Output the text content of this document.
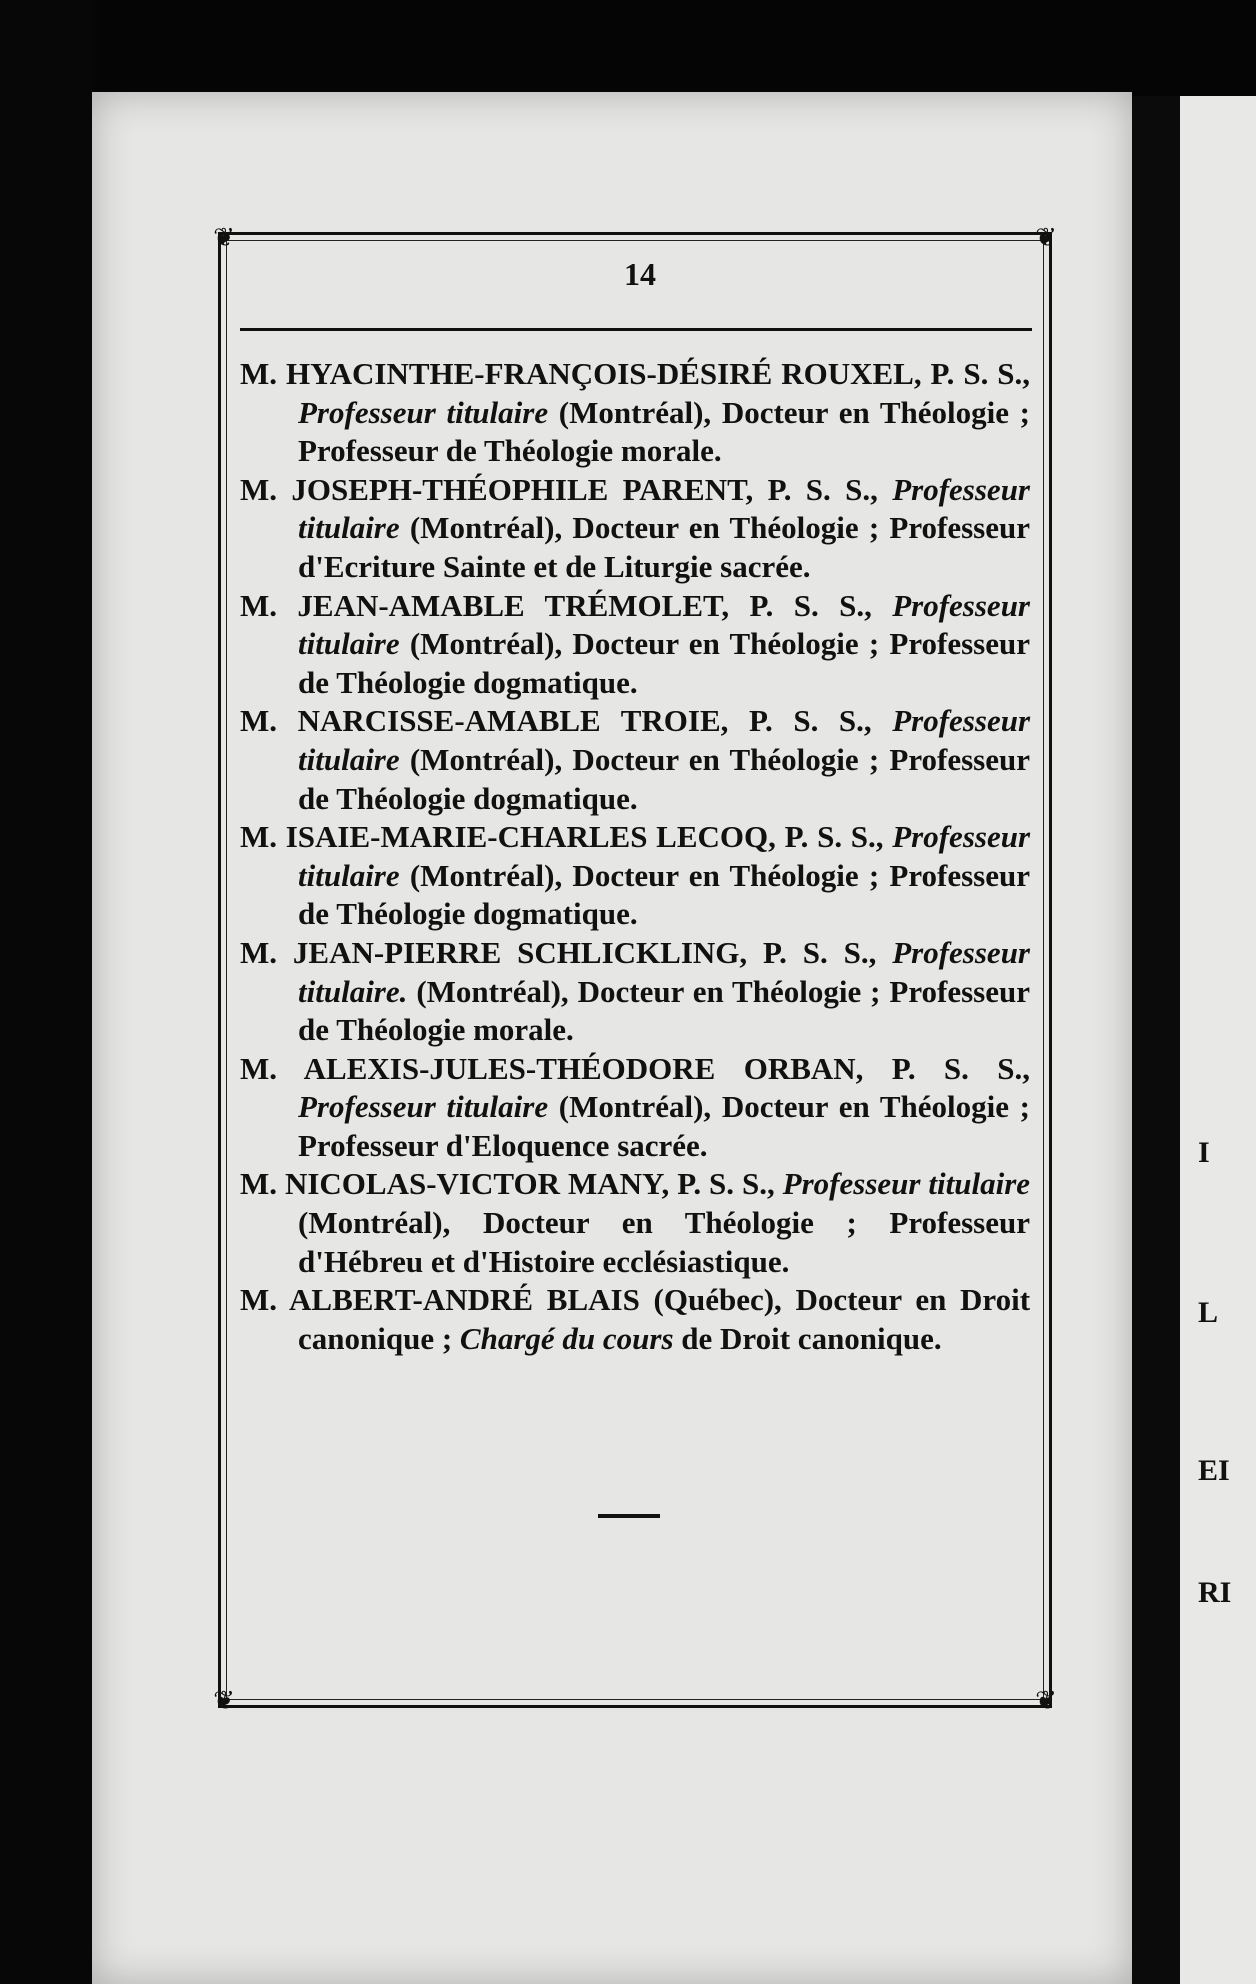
I
L
EI
RI
❦	❦
❦	❦
14

M. HYACINTHE-FRANÇOIS-DÉSIRÉ ROUXEL, P. S. S., Professeur titulaire (Montréal), Docteur en Théologie ; Professeur de Théologie morale.

M. JOSEPH-THÉOPHILE PARENT, P. S. S., Professeur titulaire (Montréal), Docteur en Théologie ; Professeur d'Ecriture Sainte et de Liturgie sacrée.

M. JEAN-AMABLE TRÉMOLET, P. S. S., Professeur titulaire (Montréal), Docteur en Théologie ; Professeur de Théologie dogmatique.

M. NARCISSE-AMABLE TROIE, P. S. S., Professeur titulaire (Montréal), Docteur en Théologie ; Professeur de Théologie dogmatique.

M. ISAIE-MARIE-CHARLES LECOQ, P. S. S., Professeur titulaire (Montréal), Docteur en Théologie ; Professeur de Théologie dogmatique.

M. JEAN-PIERRE SCHLICKLING, P. S. S., Professeur titulaire. (Montréal), Docteur en Théologie ; Professeur de Théologie morale.

M. ALEXIS-JULES-THÉODORE ORBAN, P. S. S., Professeur titulaire (Montréal), Docteur en Théologie ; Professeur d'Eloquence sacrée.

M. NICOLAS-VICTOR MANY, P. S. S., Professeur titulaire (Montréal), Docteur en Théologie ; Professeur d'Hébreu et d'Histoire ecclésiastique.

M. ALBERT-ANDRÉ BLAIS (Québec), Docteur en Droit canonique ; Chargé du cours de Droit canonique.
